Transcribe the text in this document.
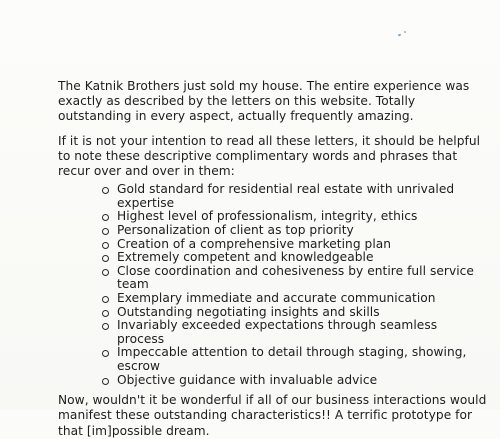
The Katnik Brothers just sold my house. The entire experience was exactly as described by the letters on this website. Totally outstanding in every aspect, actually frequently amazing.

If it is not your intention to read all these letters, it should be helpful to note these descriptive complimentary words and phrases that recur over and over in them:

Gold standard for residential real estate with unrivaled expertise
Highest level of professionalism, integrity, ethics
Personalization of client as top priority
Creation of a comprehensive marketing plan
Extremely competent and knowledgeable
Close coordination and cohesiveness by entire full service team
Exemplary immediate and accurate communication
Outstanding negotiating insights and skills
Invariably exceeded expectations through seamless process
Impeccable attention to detail through staging, showing, escrow
Objective guidance with invaluable advice

Now, wouldn't it be wonderful if all of our business interactions would manifest these outstanding characteristics!! A terrific prototype for that [im]possible dream.
